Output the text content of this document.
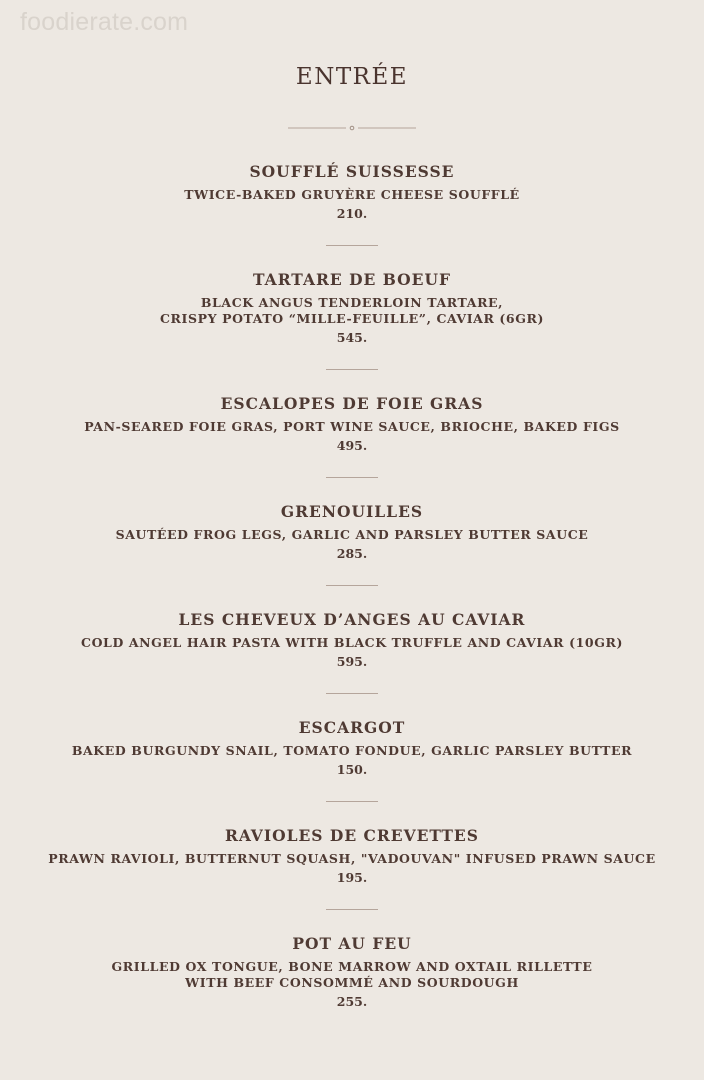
foodierate.com
ENTRÉE
SOUFFLÉ SUISSESSE
TWICE-BAKED GRUYÈRE CHEESE SOUFFLÉ
210.
TARTARE DE BOEUF
BLACK ANGUS TENDERLOIN TARTARE,
CRISPY POTATO “MILLE-FEUILLE”, CAVIAR (6GR)
545.
ESCALOPES DE FOIE GRAS
PAN-SEARED FOIE GRAS, PORT WINE SAUCE, BRIOCHE, BAKED FIGS
495.
GRENOUILLES
SAUTÉED FROG LEGS, GARLIC AND PARSLEY BUTTER SAUCE
285.
LES CHEVEUX D’ANGES AU CAVIAR
COLD ANGEL HAIR PASTA WITH BLACK TRUFFLE AND CAVIAR (10GR)
595.
ESCARGOT
BAKED BURGUNDY SNAIL, TOMATO FONDUE, GARLIC PARSLEY BUTTER
150.
RAVIOLES DE CREVETTES
PRAWN RAVIOLI, BUTTERNUT SQUASH, "VADOUVAN" INFUSED PRAWN SAUCE
195.
POT AU FEU
GRILLED OX TONGUE, BONE MARROW AND OXTAIL RILLETTE
WITH BEEF CONSOMMÉ AND SOURDOUGH
255.
